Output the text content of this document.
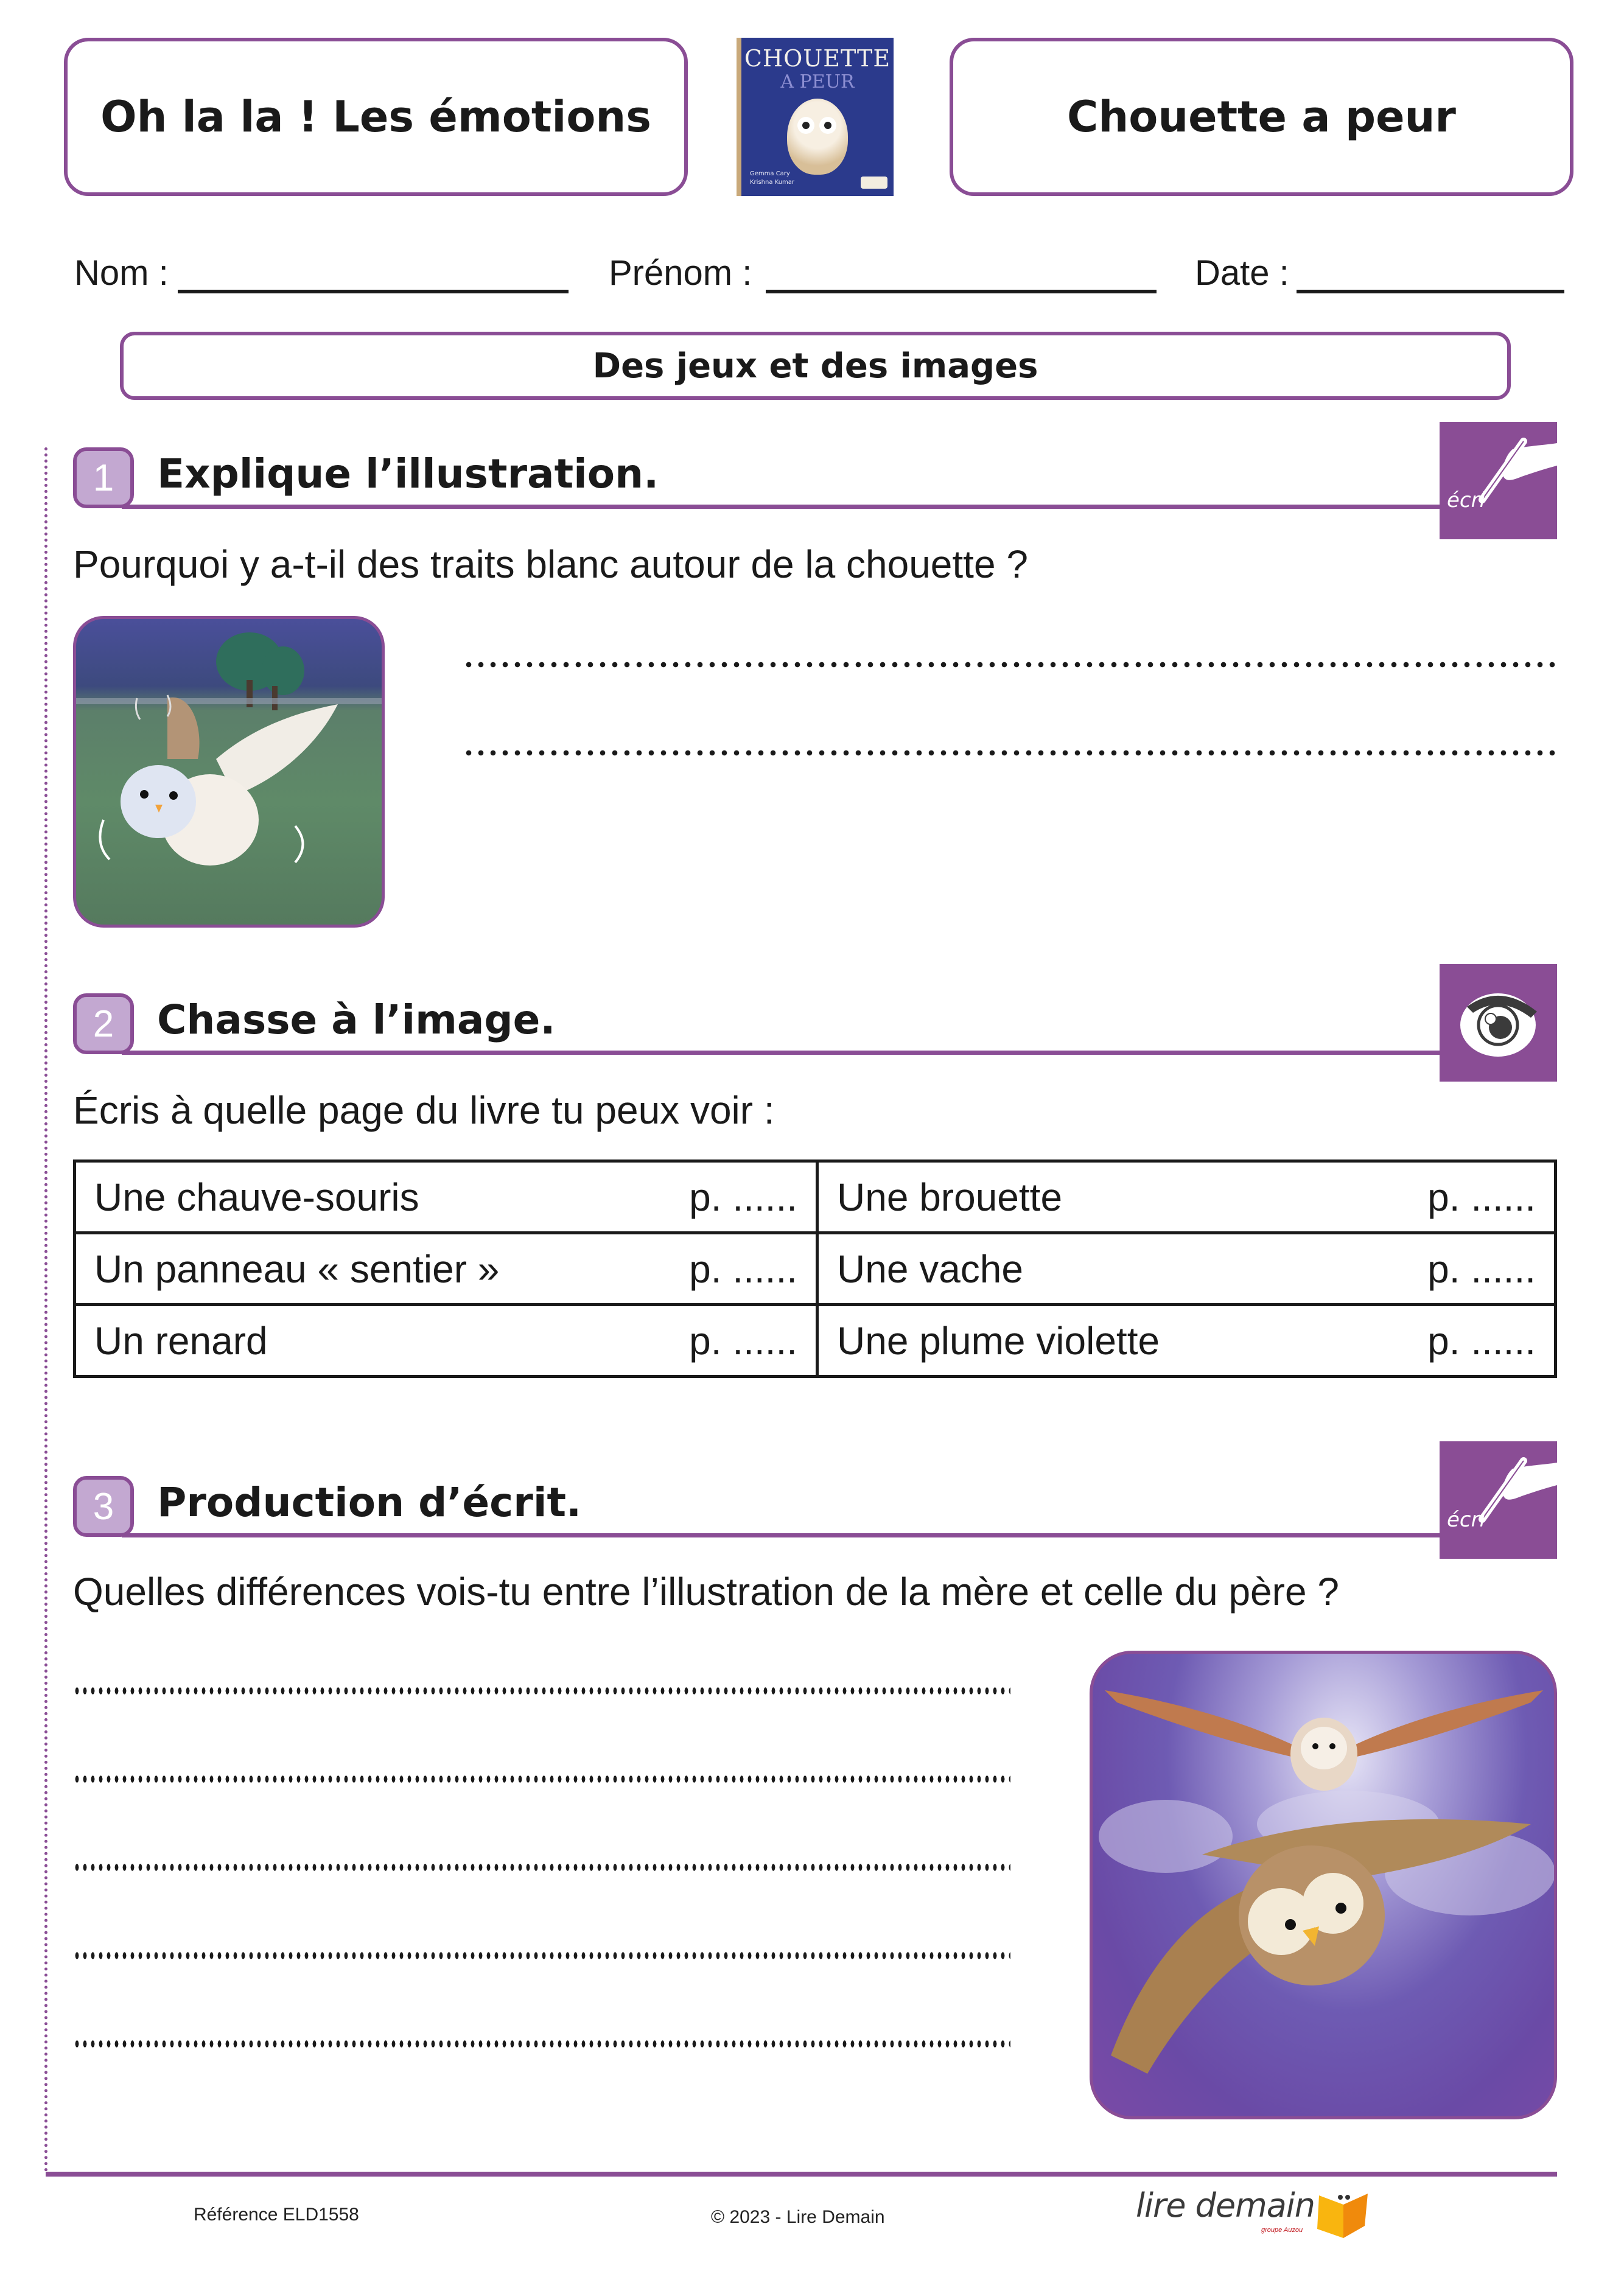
Oh la la ! Les émotions
CHOUETTE
A PEUR
Gemma Cary
Krishna Kumar
Chouette a peur
Nom :	Prénom :	Date :
Des jeux et des images
1 Explique l’illustration.
écri
Pourquoi y a-t-il des traits blanc autour de la chouette ?
2 Chasse à l’image.
Écris à quelle page du livre tu peux voir :
Une chauve-souris p. ......	Une brouette p. ......

Un panneau « sentier » p. ......	Une vache p. ......

Un renard p. ......	Une plume violette p. ......
3 Production d’écrit.	écri
Quelles différences vois-tu entre l’illustration de la mère et celle du père ?
Référence ELD1558	© 2023 - Lire Demain	lire demain
groupe Auzou
